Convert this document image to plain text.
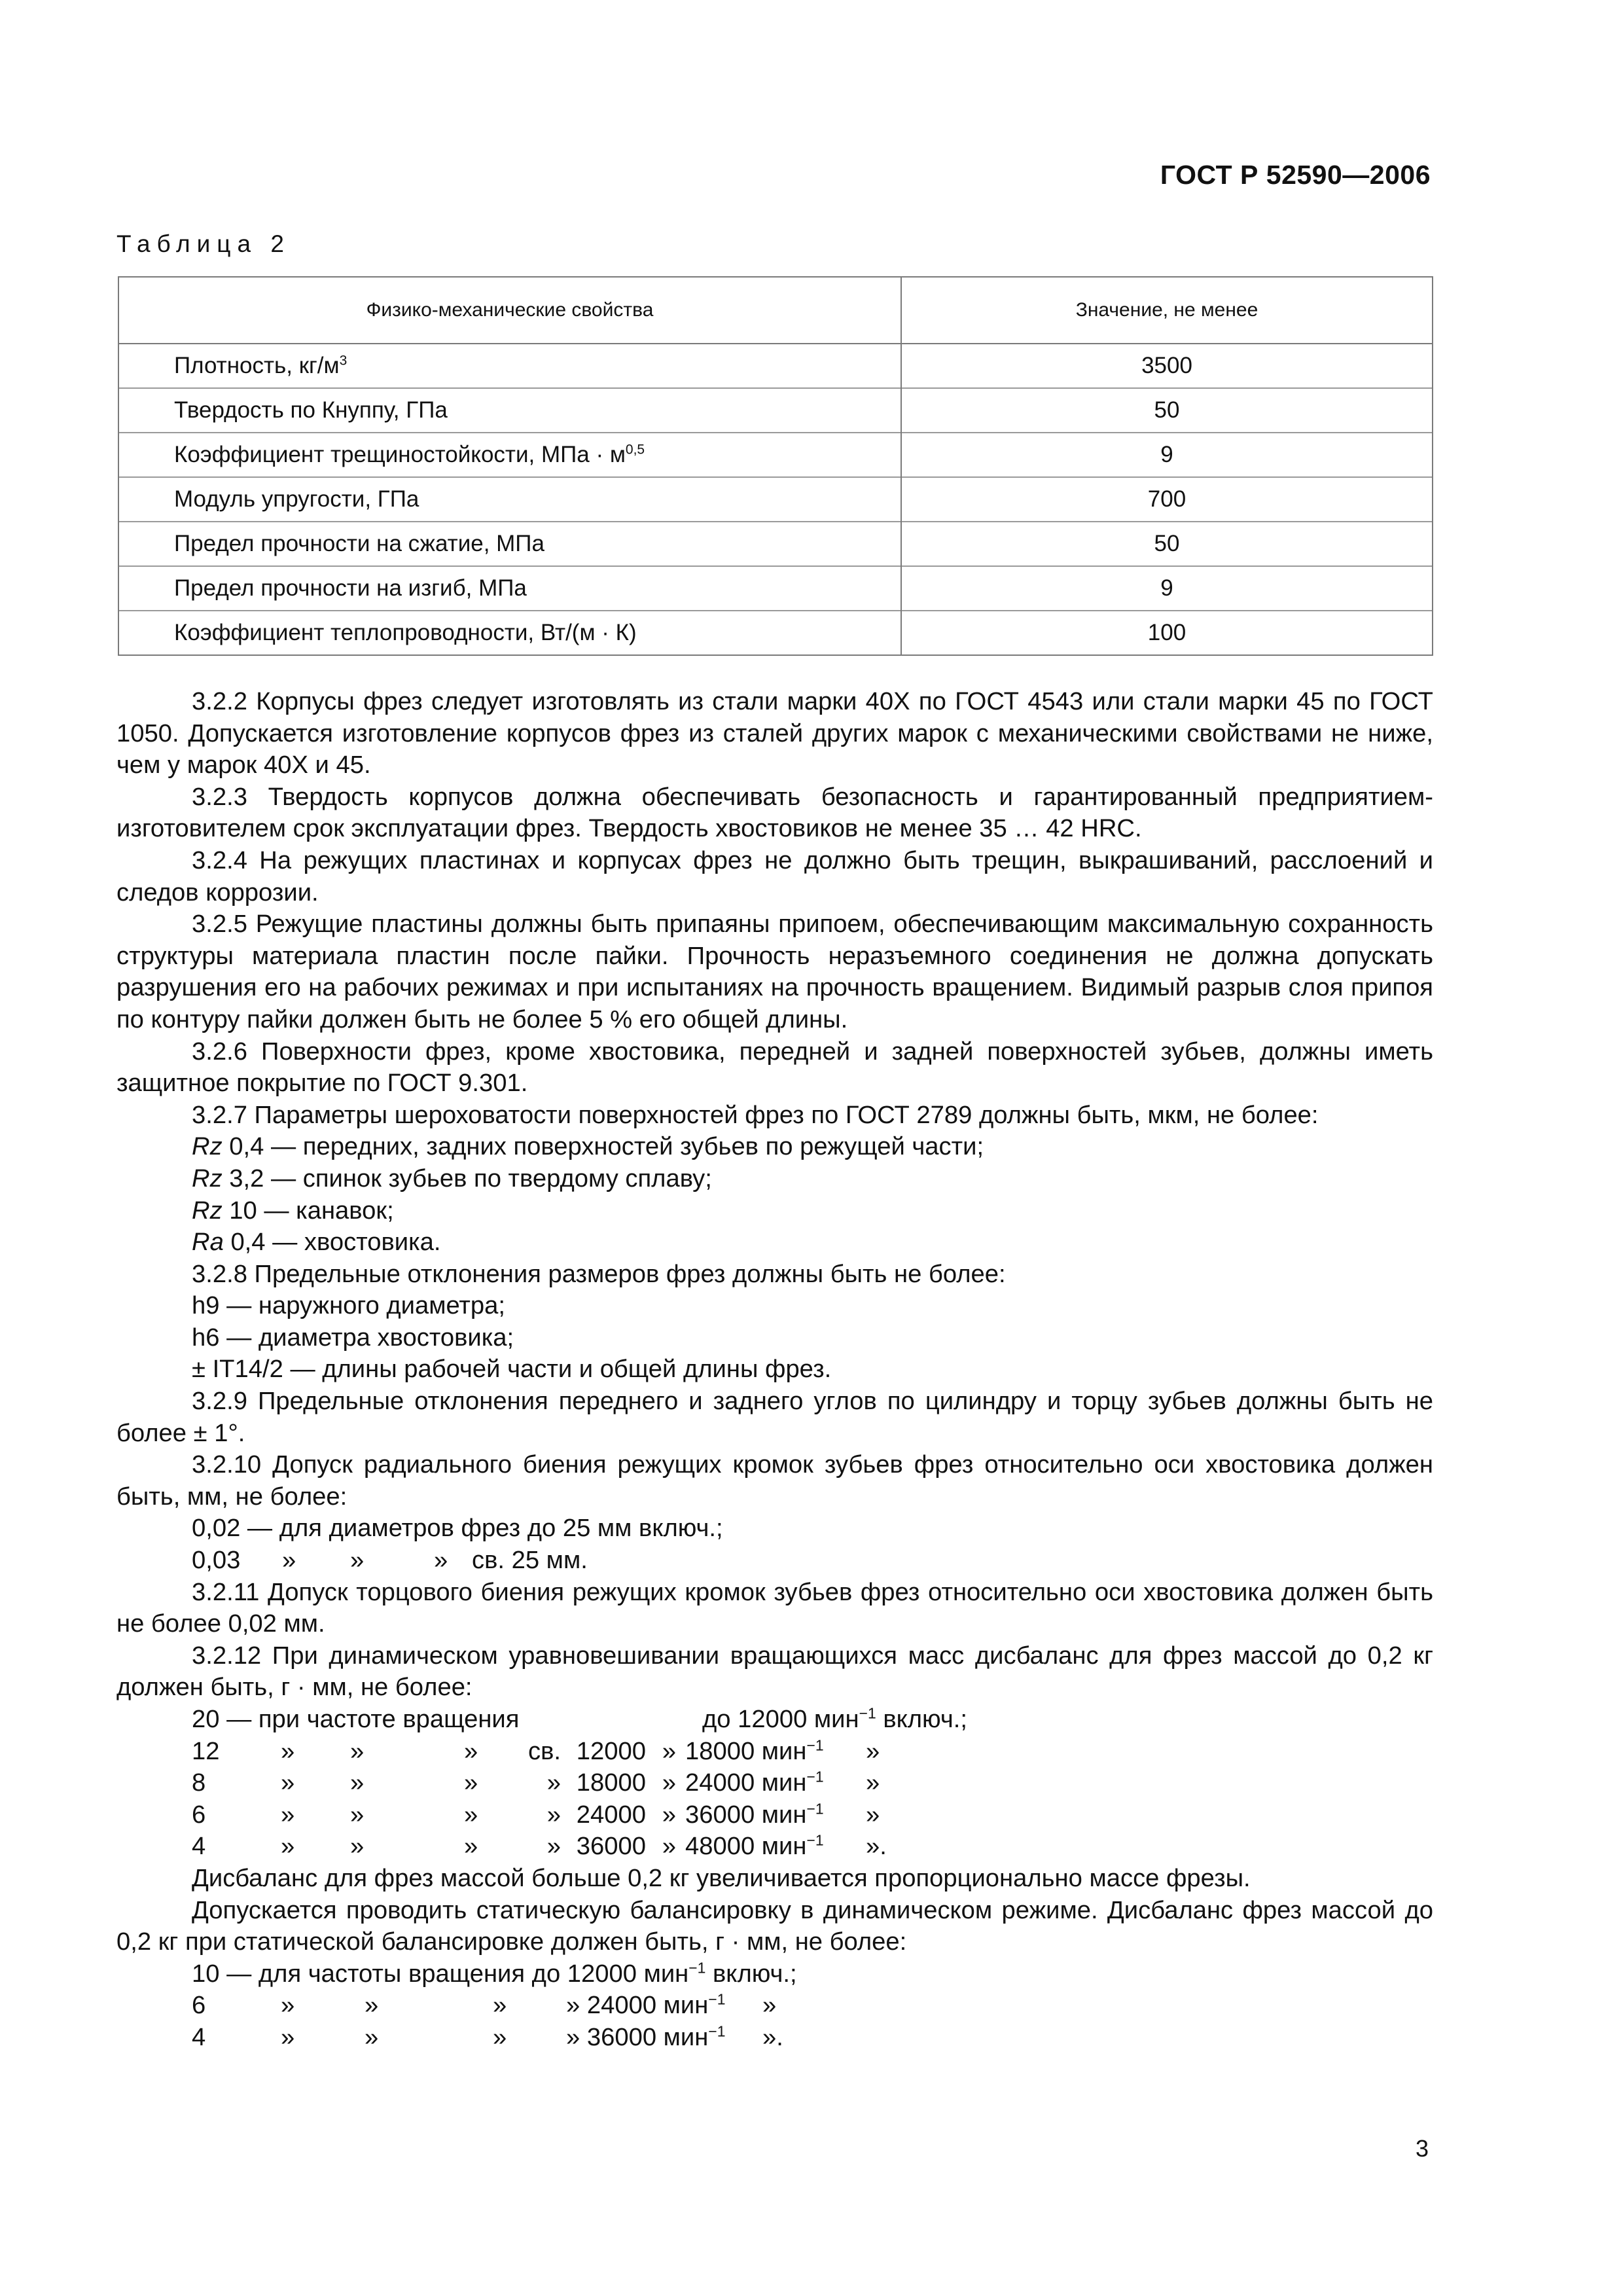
ГОСТ Р 52590—2006
Таблица 2
Физико-механические свойства	Значение, не менее
Плотность, $кг/м^3$	3500
Твердость по Кнуппу, ГПа	50
Коэффициент трещиностойкости, МПа · $м^{0,5}$	9
Модуль упругости, ГПа	700
Предел прочности на сжатие, МПа	50
Предел прочности на изгиб, МПа	9
Коэффициент теплопроводности, Вт/(м · К)	100
3.2.2 Корпусы фрез следует изготовлять из стали марки 40Х по ГОСТ 4543 или стали марки 45 по ГОСТ 1050. Допускается изготовление корпусов фрез из сталей других марок с механическими свойствами не ниже, чем у марок 40Х и 45.
3.2.3 Твердость корпусов должна обеспечивать безопасность и гарантированный предприятием-изготовителем срок эксплуатации фрез. Твердость хвостовиков не менее 35 … 42 HRC.
3.2.4 На режущих пластинах и корпусах фрез не должно быть трещин, выкрашиваний, расслоений и следов коррозии.
3.2.5 Режущие пластины должны быть припаяны припоем, обеспечивающим максимальную сохранность структуры материала пластин после пайки. Прочность неразъемного соединения не должна допускать разрушения его на рабочих режимах и при испытаниях на прочность вращением. Видимый разрыв слоя припоя по контуру пайки должен быть не более 5 % его общей длины.
3.2.6 Поверхности фрез, кроме хвостовика, передней и задней поверхностей зубьев, должны иметь защитное покрытие по ГОСТ 9.301.
3.2.7 Параметры шероховатости поверхностей фрез по ГОСТ 2789 должны быть, мкм, не более:
Rz 0,4 — передних, задних поверхностей зубьев по режущей части;
Rz 3,2 — спинок зубьев по твердому сплаву;
Rz 10 — канавок;
Ra 0,4 — хвостовика.
3.2.8 Предельные отклонения размеров фрез должны быть не более:
h9 — наружного диаметра;
h6 — диаметра хвостовика;
± IT14/2 — длины рабочей части и общей длины фрез.
3.2.9 Предельные отклонения переднего и заднего углов по цилиндру и торцу зубьев должны быть не более ± 1°.
3.2.10 Допуск радиального биения режущих кромок зубьев фрез относительно оси хвостовика должен быть, мм, не более:
0,02 — для диаметров фрез до 25 мм включ.;
0,03 » »	» св. 25 мм.
3.2.11 Допуск торцового биения режущих кромок зубьев фрез относительно оси хвостовика должен быть не более 0,02 мм.
3.2.12 При динамическом уравновешивании вращающихся масс дисбаланс для фрез массой до 0,2 кг должен быть, г · мм, не более:
20 — при частоте вращения	до 12000 мин$^{-1}$ включ.;
12 » »	» св. 12000 » 18000 мин$^{-1}$ »
8	» »	»	» 18000 » 24000 мин$^{-1}$ »
6	» »	»	» 24000 » 36000 мин$^{-1}$ »
4	» »	»	» 36000 » 48000 мин$^{-1}$ ».
Дисбаланс для фрез массой больше 0,2 кг увеличивается пропорционально массе фрезы.
Допускается проводить статическую балансировку в динамическом режиме. Дисбаланс фрез массой до 0,2 кг при статической балансировке должен быть, г · мм, не более:
10 — для частоты вращения до 12000 мин$^{-1}$ включ.;
6	»	»	» » 24000 мин$^{-1}$ »
4	»	»	» » 36000 мин$^{-1}$ ».
3
